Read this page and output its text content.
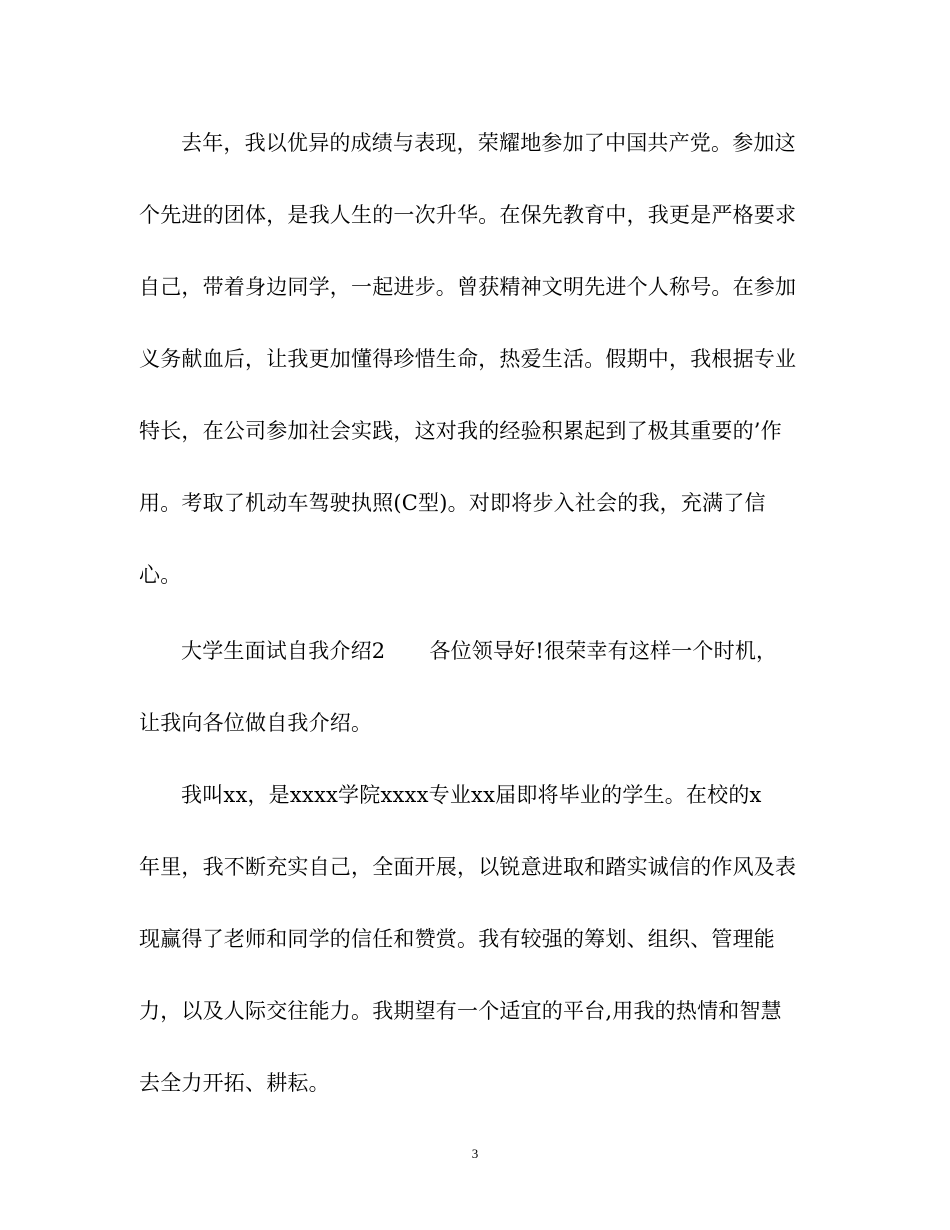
去年，我以优异的成绩与表现，荣耀地参加了中国共产党。参加这
个先进的团体，是我人生的一次升华。在保先教育中，我更是严格要求
自己，带着身边同学，一起进步。曾获精神文明先进个人称号。在参加
义务献血后，让我更加懂得珍惜生命，热爱生活。假期中，我根据专业
特长，在公司参加社会实践，这对我的经验积累起到了极其重要的’作
用。考取了机动车驾驶执照(C型)。对即将步入社会的我，充满了信
心。
大学生面试自我介绍2 各位领导好!很荣幸有这样一个时机，
让我向各位做自我介绍。
我叫xx，是xxxx学院xxxx专业xx届即将毕业的学生。在校的x
年里，我不断充实自己，全面开展，以锐意进取和踏实诚信的作风及表
现赢得了老师和同学的信任和赞赏。我有较强的筹划、组织、管理能
力，以及人际交往能力。我期望有一个适宜的平台,用我的热情和智慧
去全力开拓、耕耘。
3
